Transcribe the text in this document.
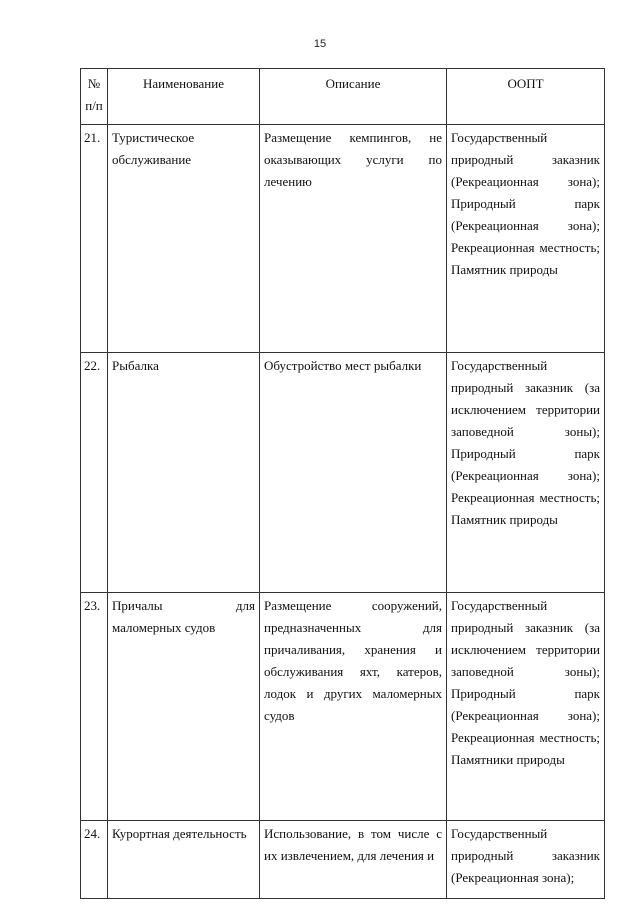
15
№ п/п	Наименование	Описание	ООПТ
21.	Туристическое обслуживание	Размещение кемпингов, не оказывающих услуги по лечению	Государственный природный заказник (Рекреационная зона); Природный парк (Рекреационная зона); Рекреационная местность; Памятник природы
22.	Рыбалка	Обустройство мест рыбалки	Государственный природный заказник (за исключением территории заповедной зоны); Природный парк (Рекреационная зона); Рекреационная местность; Памятник природы
23.	Причалы для маломерных судов	Размещение сооружений, предназначенных для причаливания, хранения и обслуживания яхт, катеров, лодок и других маломерных судов	Государственный природный заказник (за исключением территории заповедной зоны); Природный парк (Рекреационная зона); Рекреационная местность; Памятники природы
24.	Курортная деятельность	Использование, в том числе с их извлечением, для лечения и	Государственный природный заказник (Рекреационная зона);
